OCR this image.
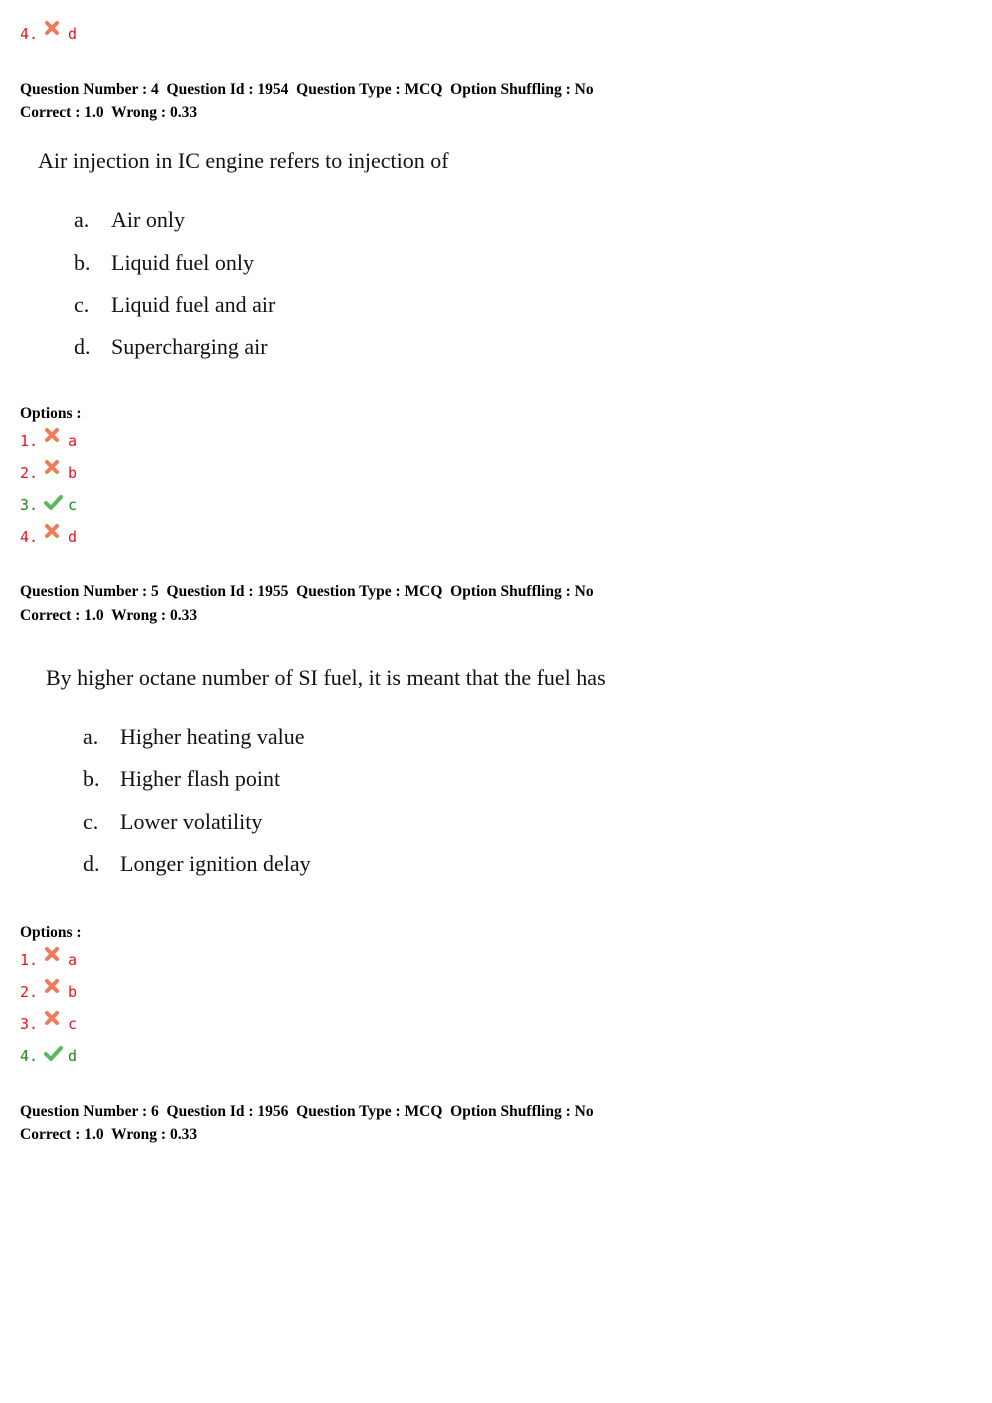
4. d
Question Number : 4  Question Id : 1954  Question Type : MCQ  Option Shuffling : No
Correct : 1.0  Wrong : 0.33
Air injection in IC engine refers to injection of
a. Air only
b. Liquid fuel only
c. Liquid fuel and air
d. Supercharging air
Options :
1. a
2. b
3. c
4. d
Question Number : 5  Question Id : 1955  Question Type : MCQ  Option Shuffling : No
Correct : 1.0  Wrong : 0.33
By higher octane number of SI fuel, it is meant that the fuel has
a. Higher heating value
b. Higher flash point
c. Lower volatility
d. Longer ignition delay
Options :
1. a
2. b
3. c
4. d
Question Number : 6  Question Id : 1956  Question Type : MCQ  Option Shuffling : No
Correct : 1.0  Wrong : 0.33
